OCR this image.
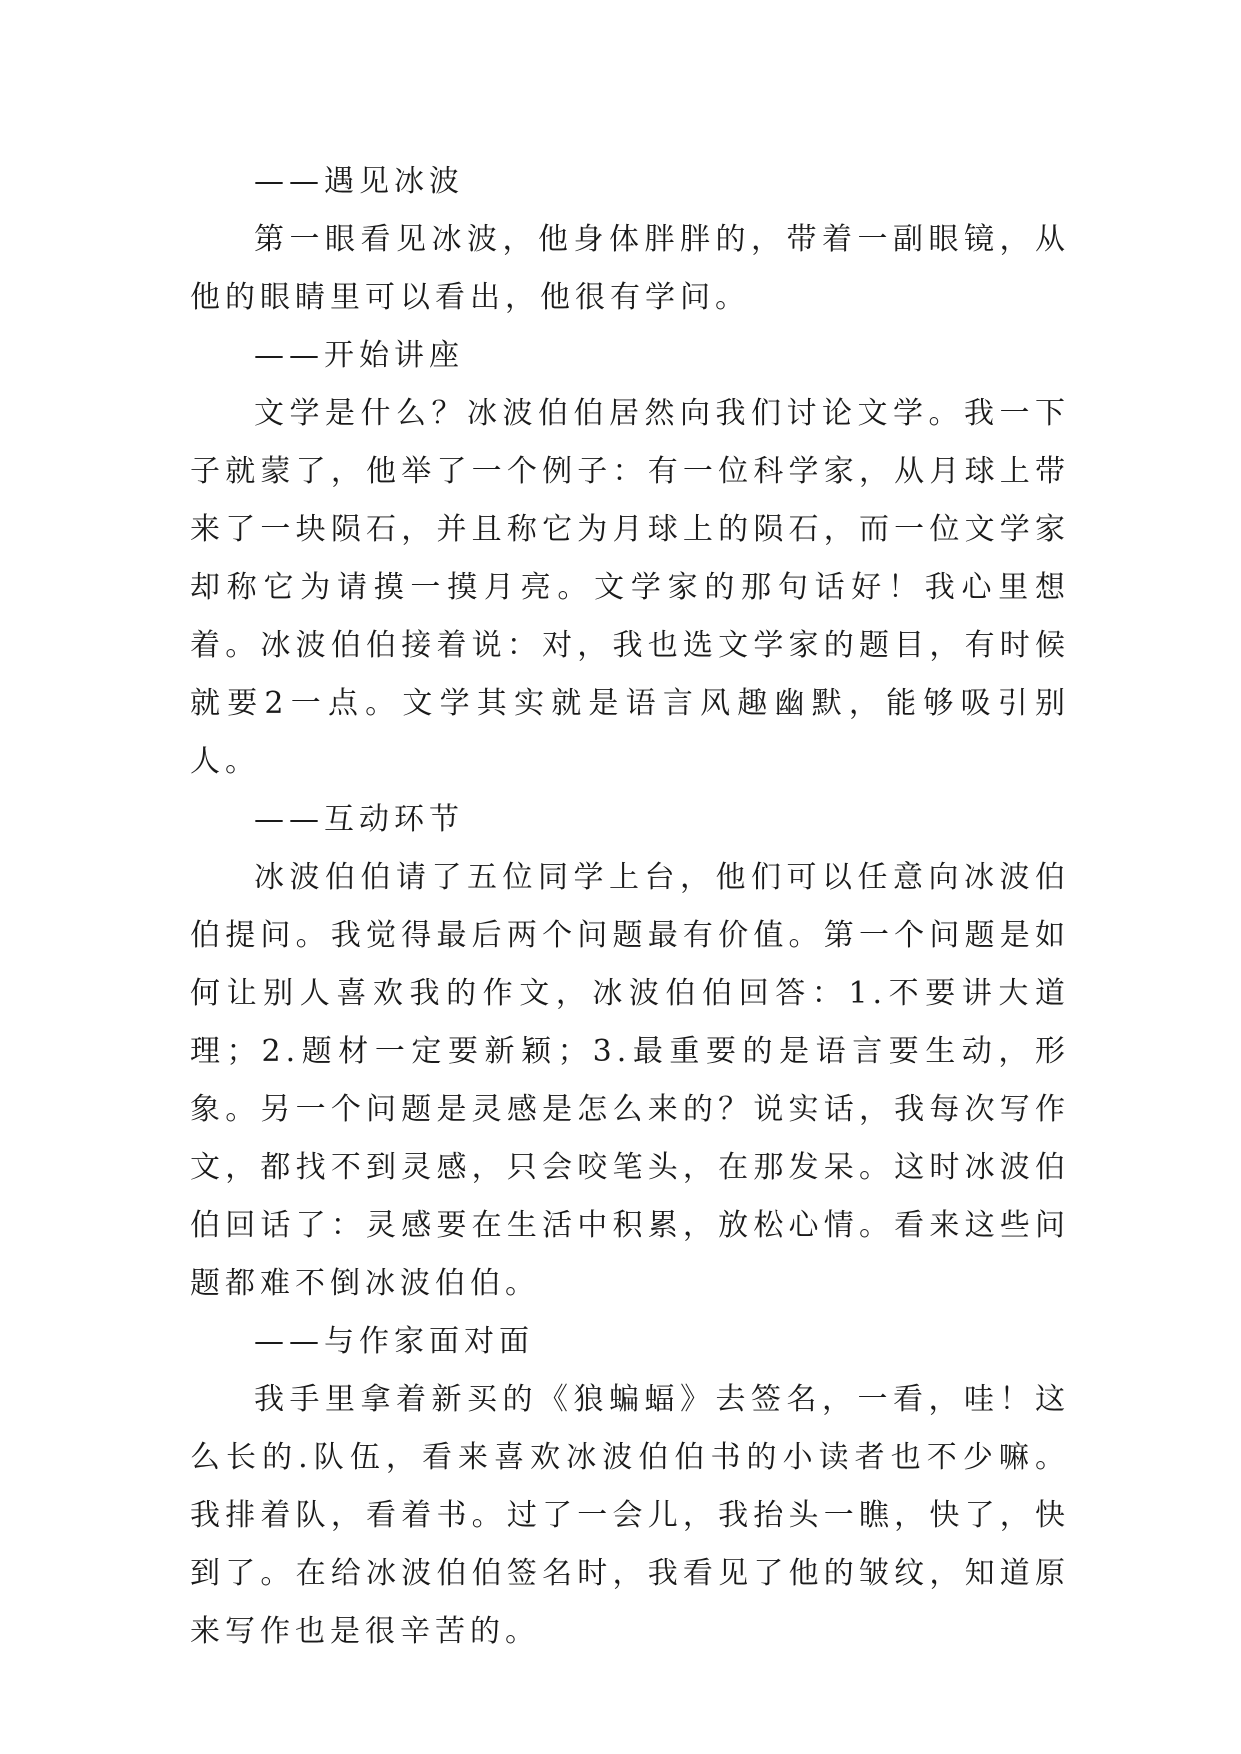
——遇见冰波

第一眼看见冰波，他身体胖胖的，带着一副眼镜，从他的眼睛里可以看出，他很有学问。

——开始讲座

文学是什么？冰波伯伯居然向我们讨论文学。我一下子就蒙了，他举了一个例子：有一位科学家，从月球上带来了一块陨石，并且称它为月球上的陨石，而一位文学家却称它为请摸一摸月亮。文学家的那句话好！我心里想着。冰波伯伯接着说：对，我也选文学家的题目，有时候就要2一点。文学其实就是语言风趣幽默，能够吸引别人。

——互动环节

冰波伯伯请了五位同学上台，他们可以任意向冰波伯伯提问。我觉得最后两个问题最有价值。第一个问题是如何让别人喜欢我的作文，冰波伯伯回答：1.不要讲大道理；2.题材一定要新颖；3.最重要的是语言要生动，形象。另一个问题是灵感是怎么来的？说实话，我每次写作文，都找不到灵感，只会咬笔头，在那发呆。这时冰波伯伯回话了：灵感要在生活中积累，放松心情。看来这些问题都难不倒冰波伯伯。

——与作家面对面

我手里拿着新买的《狼蝙蝠》去签名，一看，哇！这么长的.队伍，看来喜欢冰波伯伯书的小读者也不少嘛。我排着队，看着书。过了一会儿，我抬头一瞧，快了，快到了。在给冰波伯伯签名时，我看见了他的皱纹，知道原来写作也是很辛苦的。
